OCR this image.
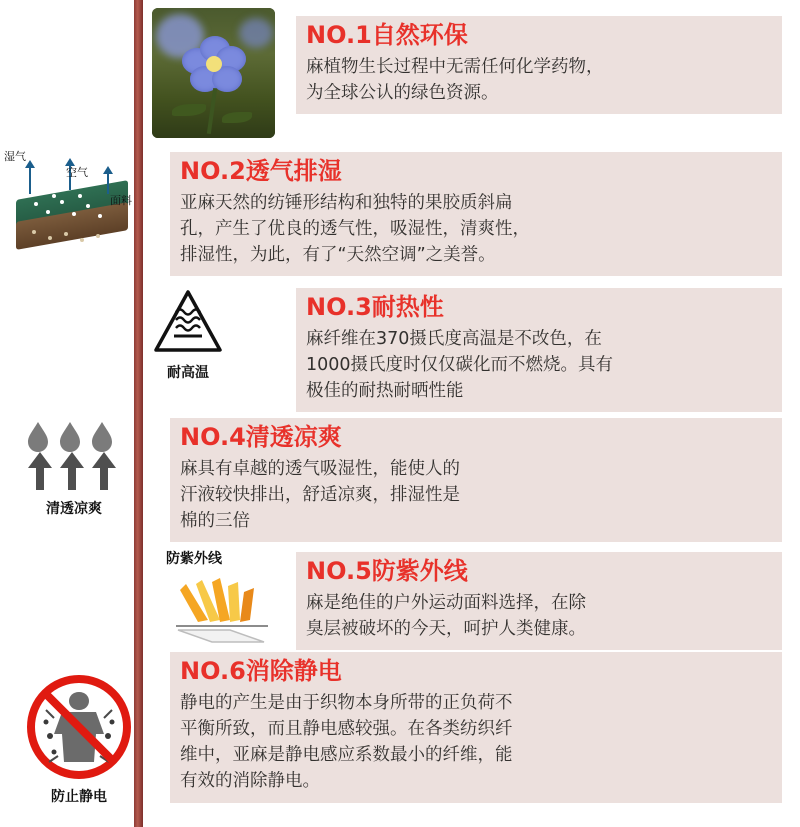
NO.1自然环保

麻植物生长过程中无需任何化学药物，
为全球公认的绿色资源。
湿气
空气
面料

NO.2透气排湿

亚麻天然的纺锤形结构和独特的果胶质斜扁
孔，产生了优良的透气性，吸湿性，清爽性，
排湿性，为此，有了“天然空调”之美誉。
耐高温

NO.3耐热性

麻纤维在370摄氏度高温是不改色，在
1000摄氏度时仅仅碳化而不燃烧。具有
极佳的耐热耐晒性能
清透凉爽

NO.4清透凉爽

麻具有卓越的透气吸湿性，能使人的
汗液较快排出，舒适凉爽，排湿性是
棉的三倍
防紫外线	NO.5防紫外线

麻是绝佳的户外运动面料选择，在除
臭层被破坏的今天，呵护人类健康。
防止静电

NO.6消除静电

静电的产生是由于织物本身所带的正负荷不
平衡所致，而且静电感较强。在各类纺织纤
维中，亚麻是静电感应系数最小的纤维，能
有效的消除静电。
